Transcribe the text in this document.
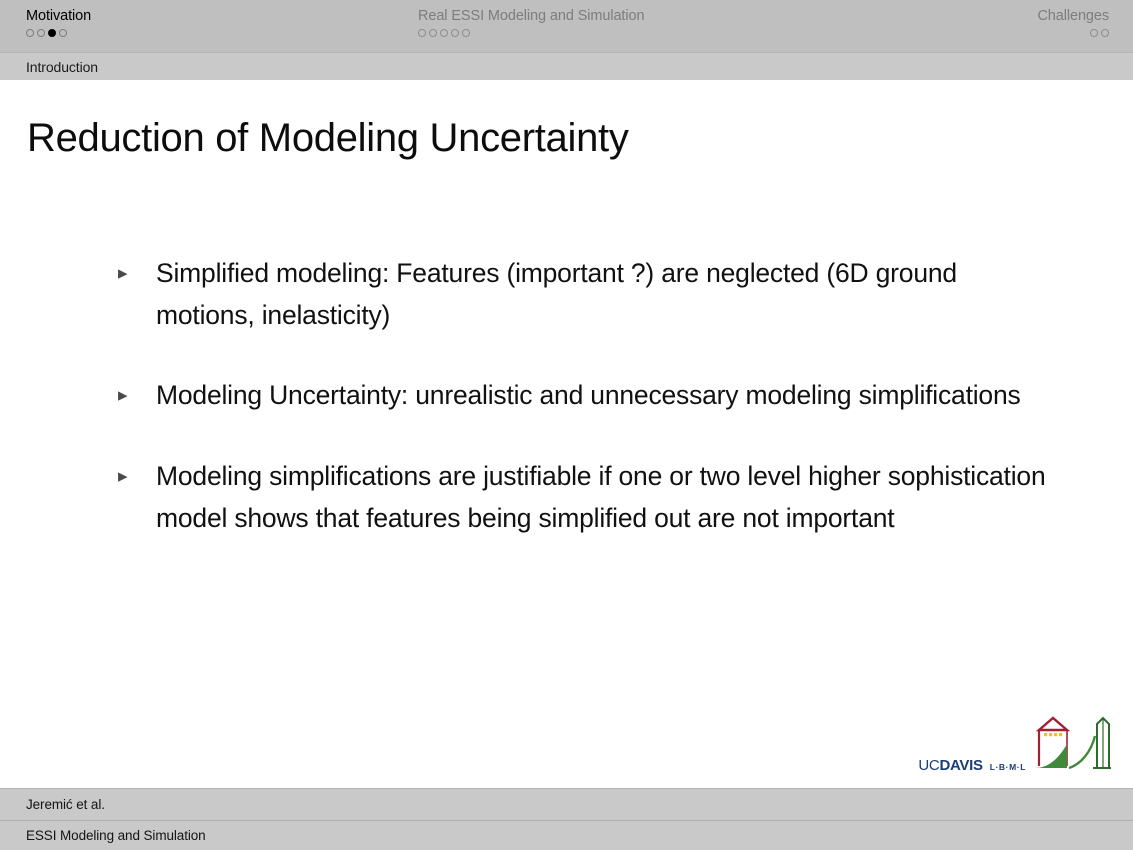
Motivation	Real ESSI Modeling and Simulation	Challenges
Introduction
Reduction of Modeling Uncertainty
▸	Simplified modeling: Features (important ?) are neglected (6D ground motions, inelasticity)
▸	Modeling Uncertainty: unrealistic and unnecessary modeling simplifications
▸	Modeling simplifications are justifiable if one or two level higher sophistication model shows that features being simplified out are not important
UCDAVIS L·B·M·L
Jeremić et al.
ESSI Modeling and Simulation
